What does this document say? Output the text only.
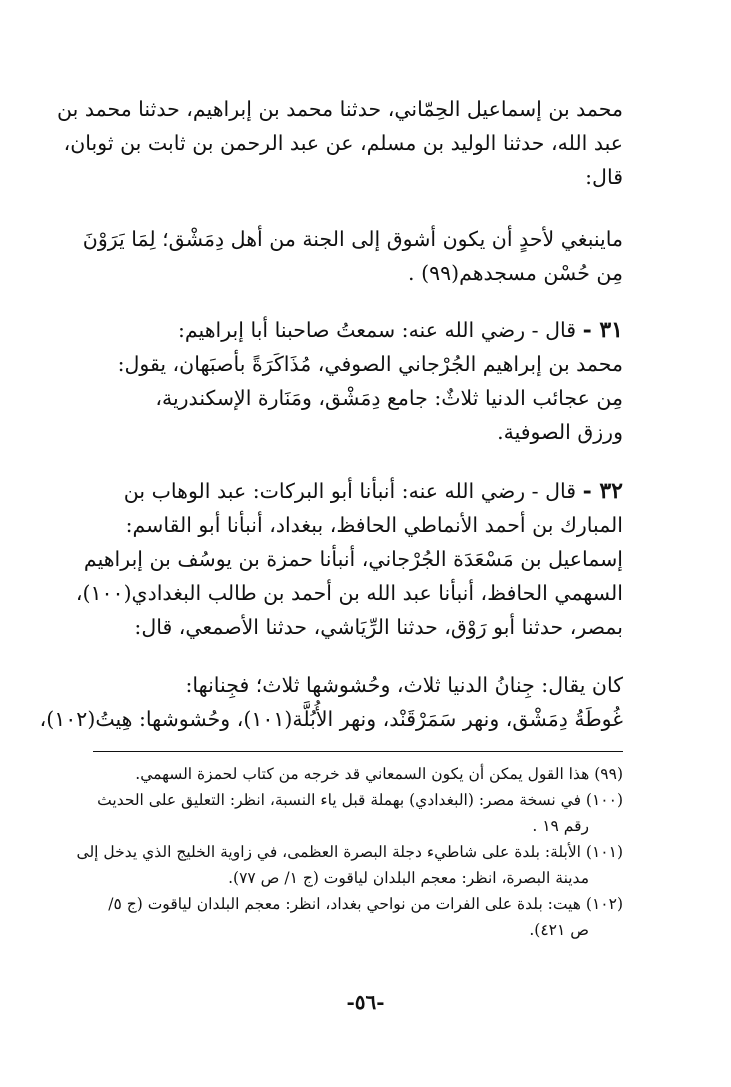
محمد بن إسماعيل الحِمّاني، حدثنا محمد بن إبراهيم، حدثنا محمد بن
عبد الله، حدثنا الوليد بن مسلم، عن عبد الرحمن بن ثابت بن ثوبان،
قال:
ماينبغي لأحدٍ أن يكون أشوق إلى الجنة من أهل دِمَشْق؛ لِمَا يَرَوْنَ
مِن حُسْن مسجدهم(٩٩) .
٣١ - قال - رضي الله عنه: سمعتُ صاحبنا أبا إبراهيم:
محمد بن إبراهيم الجُرْجاني الصوفي، مُذَاكَرَةً بأصبَهان، يقول:
مِن عجائب الدنيا ثلاثٌ: جامع دِمَشْق، ومَنَارة الإسكندرية،
ورزق الصوفية.
٣٢ - قال - رضي الله عنه: أنبأنا أبو البركات: عبد الوهاب بن
المبارك بن أحمد الأنماطي الحافظ، ببغداد، أنبأنا أبو القاسم:
إسماعيل بن مَسْعَدَة الجُرْجاني، أنبأنا حمزة بن يوسُف بن إبراهيم
السهمي الحافظ، أنبأنا عبد الله بن أحمد بن طالب البغدادي(١٠٠)،
بمصر، حدثنا أبو رَوْق، حدثنا الرِّيَاشي، حدثنا الأصمعي، قال:
كان يقال: جِنانُ الدنيا ثلاث، وحُشوشها ثلاث؛ فجِنانها:
غُوطَةُ دِمَشْق، ونهر سَمَرْقَنْد، ونهر الأُبُلَّة(١٠١)، وحُشوشها: هِيتُ(١٠٢)،
(٩٩) هذا القول يمكن أن يكون السمعاني قد خرجه من كتاب لحمزة السهمي.
(١٠٠) في نسخة مصر: (البغدادي) بهملة قبل ياء النسبة، انظر: التعليق على الحديث
رقم ١٩ .
(١٠١) الأبلة: بلدة على شاطيء دجلة البصرة العظمى، في زاوية الخليج الذي يدخل إلى
مدينة البصرة، انظر: معجم البلدان لياقوت (ج ١/ ص ٧٧).
(١٠٢) هيت: بلدة على الفرات من نواحي بغداد، انظر: معجم البلدان لياقوت (ج ٥/
ص ٤٢١).
-٥٦-
